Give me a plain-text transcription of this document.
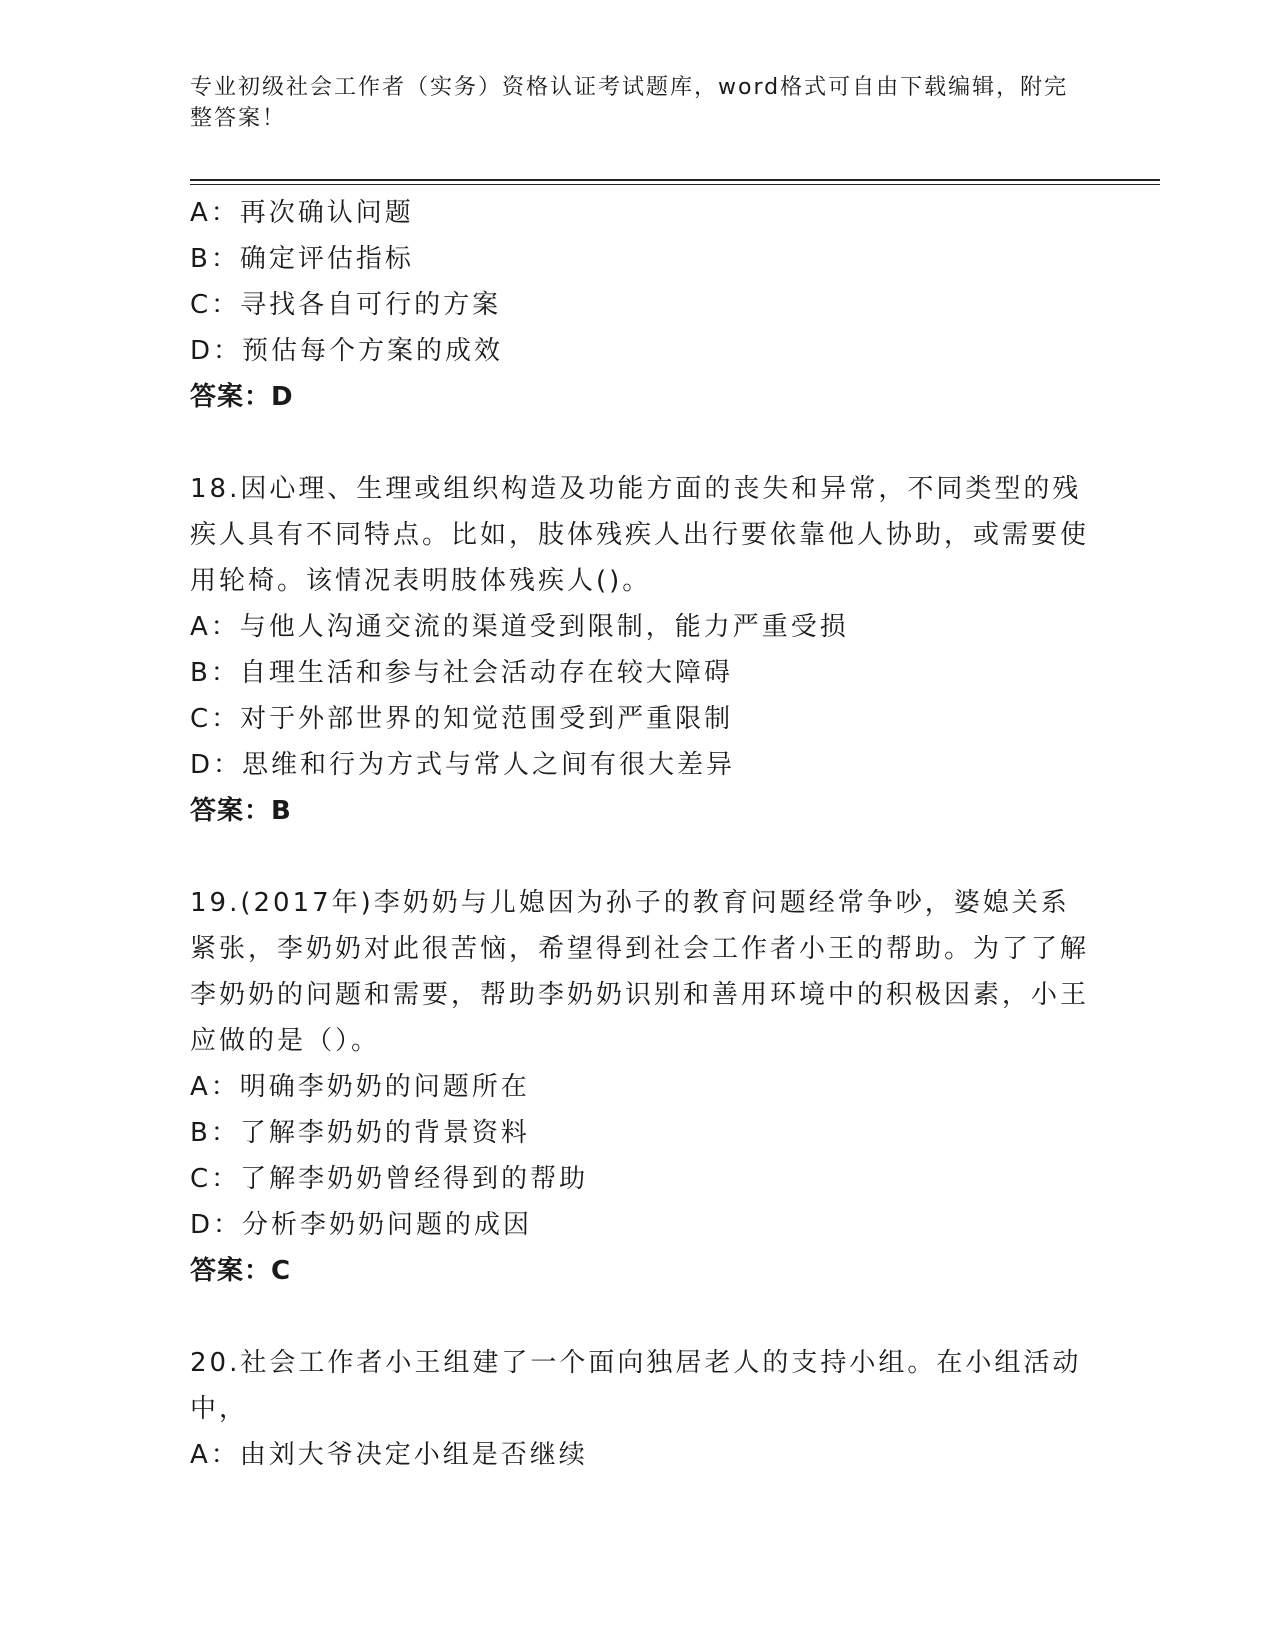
专业初级社会工作者（实务）资格认证考试题库，word格式可自由下载编辑，附完整答案！
A：再次确认问题
B：确定评估指标
C：寻找各自可行的方案
D：预估每个方案的成效
答案：D
18.因心理、生理或组织构造及功能方面的丧失和异常，不同类型的残疾人具有不同特点。比如，肢体残疾人出行要依靠他人协助，或需要使用轮椅。该情况表明肢体残疾人()。
A：与他人沟通交流的渠道受到限制，能力严重受损
B：自理生活和参与社会活动存在较大障碍
C：对于外部世界的知觉范围受到严重限制
D：思维和行为方式与常人之间有很大差异
答案：B
19.(2017年)李奶奶与儿媳因为孙子的教育问题经常争吵，婆媳关系紧张，李奶奶对此很苦恼，希望得到社会工作者小王的帮助。为了了解李奶奶的问题和需要，帮助李奶奶识别和善用环境中的积极因素，小王应做的是（）。
A：明确李奶奶的问题所在
B：了解李奶奶的背景资料
C：了解李奶奶曾经得到的帮助
D：分析李奶奶问题的成因
答案：C
20.社会工作者小王组建了一个面向独居老人的支持小组。在小组活动中，
A：由刘大爷决定小组是否继续
